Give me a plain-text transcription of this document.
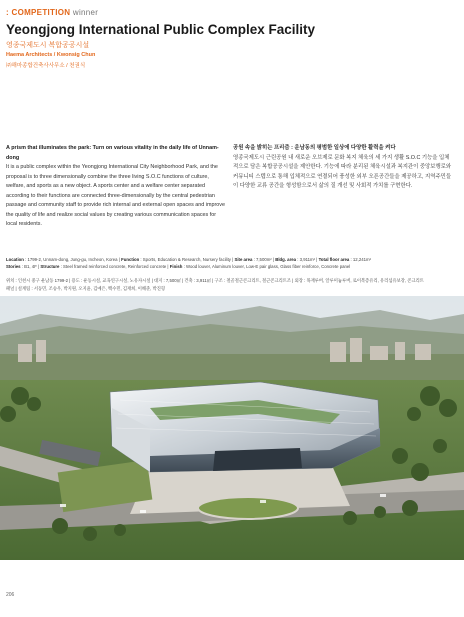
: COMPETITION winner
Yeongjong International Public Complex Facility
영종국제도시 복합공공시설
Haema Architects / Kwonsig Chun
㈜해마종합건축사사무소 / 천권식

A prism that illuminates the park: Turn on various vitality in the daily life of Unnam-dong

It is a public complex within the Yeongjong International City Neighborhood Park, and the proposal is to three dimensionally combine the three living S.O.C functions of culture, welfare, and sports as a new object. A sports center and a welfare center separated according to their functions are connected three-dimensionally by the central pedestrian passage and community staff to provide rich internal and external open spaces and improve the quality of life and realize social values by creating various communication spaces for local residents.

공원 속을 밝히는 프리즘 : 운남동의 평범한 일상에 다양한 활력을 켜다

영종국제도시 근린공원 내 새로운 오브제로 문화 복지 체육의 세 가지 생활 S.O.C 기능을 입체적으로 담은 복합공공시설을 제안한다. 기능에 따라 분리된 체육시설과 복지관이 중앙보행로와 커뮤니티 스텝으로 통해 입체적으로 연결되어 풍성한 외부 오픈공간들을 제공하고, 지역주민들이 다양한 교류 공간을 형성함으로서 삶의 질 개선 및 사회적 가치를 구현한다.

Location : 1799-2, Unnam-dong, Jung-gu, Incheon, Korea | Function : Sports, Education & Research, Nursery facility | Site area : 7,500m² | Bldg. area : 3,911m² | Total floor area : 12,241m²
Stories : B1, 4F | Structure : Steel framed reinforced concrete, Reinforced concrete | Finish : Wood louver, Aluminum louver, Low-E pair glass, Glass fiber reinforce, Concrete panel
위치 : 인천시 중구 운남동 1799-2 | 용도 : 운동시설, 교육연구시설, 노유자시설 | 대지 : 7,500㎡ | 건축 : 3,911㎡ | 구조 : 철골철근콘크리트, 철근콘크리트조 | 외장 : 목재루버, 알루미늄루버, 로이복층유리, 유리섬유보강, 콘크리트
패널 | 설계팀 : 서동민, 조승우, 박지원, 오지윤, 김예은, 백수민, 김재희, 이해준, 박진형
206
